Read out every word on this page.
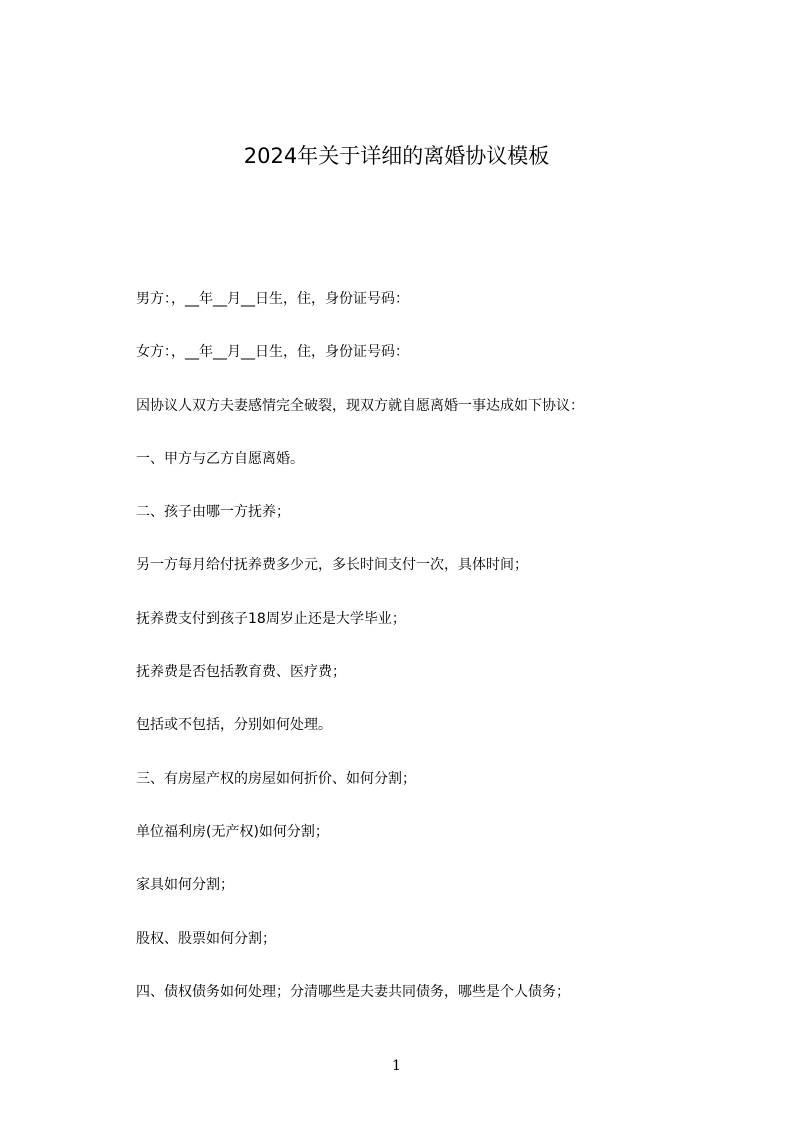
2024年关于详细的离婚协议模板

男方：，__年__月__日生，住，身份证号码：

女方：，__年__月__日生，住，身份证号码：

因协议人双方夫妻感情完全破裂，现双方就自愿离婚一事达成如下协议：

一、甲方与乙方自愿离婚。

二、孩子由哪一方抚养；

另一方每月给付抚养费多少元，多长时间支付一次，具体时间；

抚养费支付到孩子18周岁止还是大学毕业；

抚养费是否包括教育费、医疗费；

包括或不包括，分别如何处理。

三、有房屋产权的房屋如何折价、如何分割；

单位福利房(无产权)如何分割；

家具如何分割；

股权、股票如何分割；

四、债权债务如何处理；分清哪些是夫妻共同债务，哪些是个人债务；

1
